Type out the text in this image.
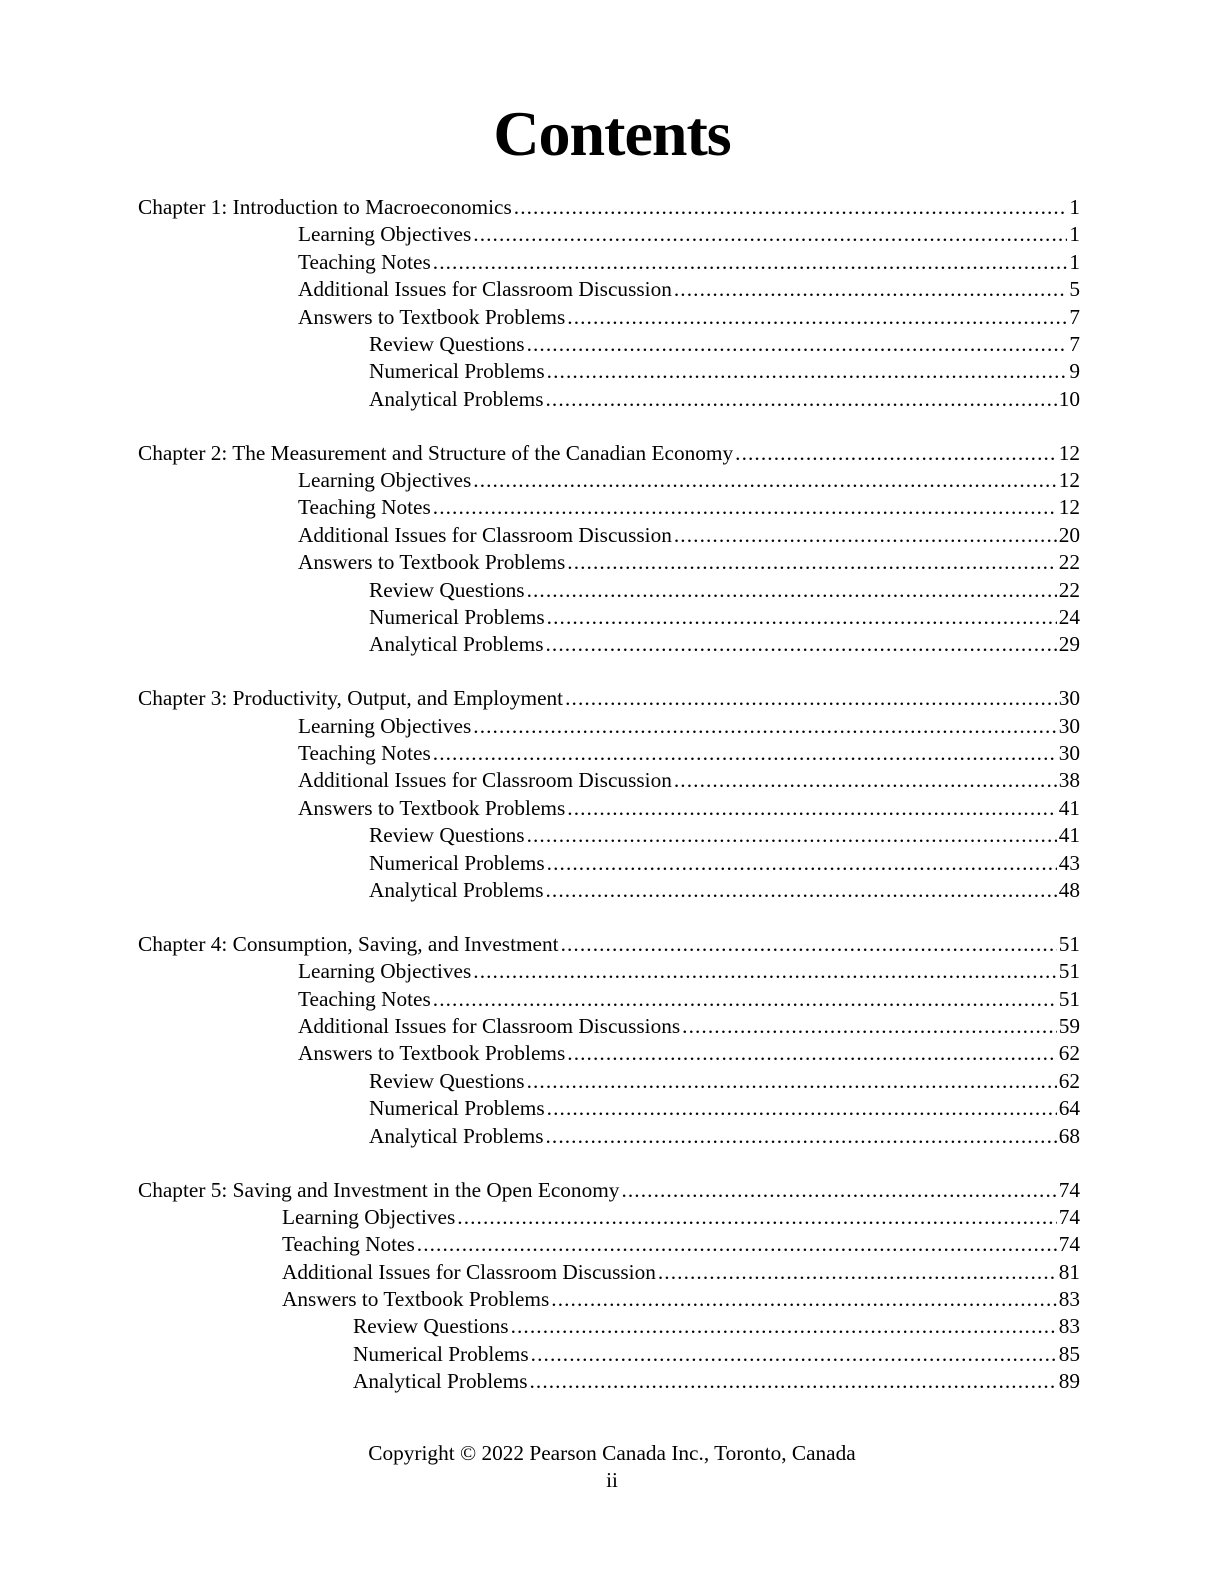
Contents
Chapter 1: Introduction to Macroeconomics .....	1
Learning Objectives .....	1
Teaching Notes .....	1
Additional Issues for Classroom Discussion .....	5
Answers to Textbook Problems .....	7
Review Questions .....	7
Numerical Problems .....	9
Analytical Problems .....	10
Chapter 2: The Measurement and Structure of the Canadian Economy .....	12
Learning Objectives .....	12
Teaching Notes .....	12
Additional Issues for Classroom Discussion .....	20
Answers to Textbook Problems .....	22
Review Questions .....	22
Numerical Problems .....	24
Analytical Problems .....	29
Chapter 3: Productivity, Output, and Employment .....	30
Learning Objectives .....	30
Teaching Notes .....	30
Additional Issues for Classroom Discussion .....	38
Answers to Textbook Problems .....	41
Review Questions .....	41
Numerical Problems .....	43
Analytical Problems .....	48
Chapter 4: Consumption, Saving, and Investment .....	51
Learning Objectives .....	51
Teaching Notes .....	51
Additional Issues for Classroom Discussions .....	59
Answers to Textbook Problems .....	62
Review Questions .....	62
Numerical Problems .....	64
Analytical Problems .....	68
Chapter 5: Saving and Investment in the Open Economy .....	74
Learning Objectives .....	74
Teaching Notes .....	74
Additional Issues for Classroom Discussion .....	81
Answers to Textbook Problems .....	83
Review Questions .....	83
Numerical Problems .....	85
Analytical Problems .....	89
Copyright © 2022 Pearson Canada Inc., Toronto, Canada
ii
